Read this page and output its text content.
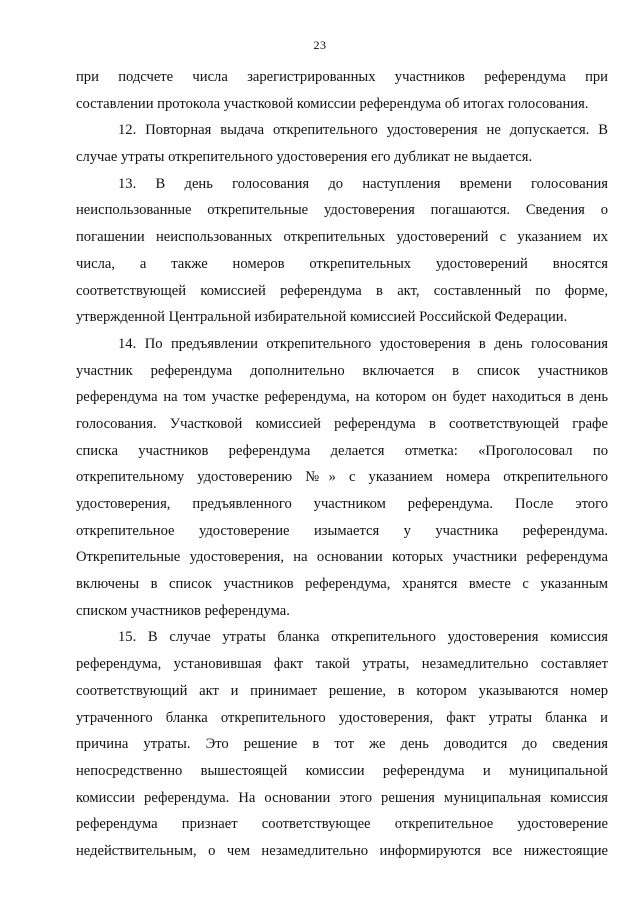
23
при подсчете числа зарегистрированных участников референдума при
составлении протокола участковой комиссии референдума об итогах голосования.
12. Повторная выдача открепительного удостоверения не допускается. В
случае утраты открепительного удостоверения его дубликат не выдается.
13. В день голосования до наступления времени голосования
неиспользованные открепительные удостоверения погашаются. Сведения о
погашении неиспользованных открепительных удостоверений с указанием их
числа, а также номеров открепительных удостоверений вносятся
соответствующей комиссией референдума в акт, составленный по форме,
утвержденной Центральной избирательной комиссией Российской Федерации.
14. По предъявлении открепительного удостоверения в день голосования
участник референдума дополнительно включается в список участников
референдума на том участке референдума, на котором он будет находиться в день
голосования. Участковой комиссией референдума в соответствующей графе
списка участников референдума делается отметка: «Проголосовал по
открепительному удостоверению №» с указанием номера открепительного
удостоверения, предъявленного участником референдума. После этого
открепительное удостоверение изымается у участника референдума.
Открепительные удостоверения, на основании которых участники референдума
включены в список участников референдума, хранятся вместе с указанным
списком участников референдума.
15. В случае утраты бланка открепительного удостоверения комиссия
референдума, установившая факт такой утраты, незамедлительно составляет
соответствующий акт и принимает решение, в котором указываются номер
утраченного бланка открепительного удостоверения, факт утраты бланка и
причина утраты. Это решение в тот же день доводится до сведения
непосредственно вышестоящей комиссии референдума и муниципальной
комиссии референдума. На основании этого решения муниципальная комиссия
референдума признает соответствующее открепительное удостоверение
недействительным, о чем незамедлительно информируются все нижестоящие
